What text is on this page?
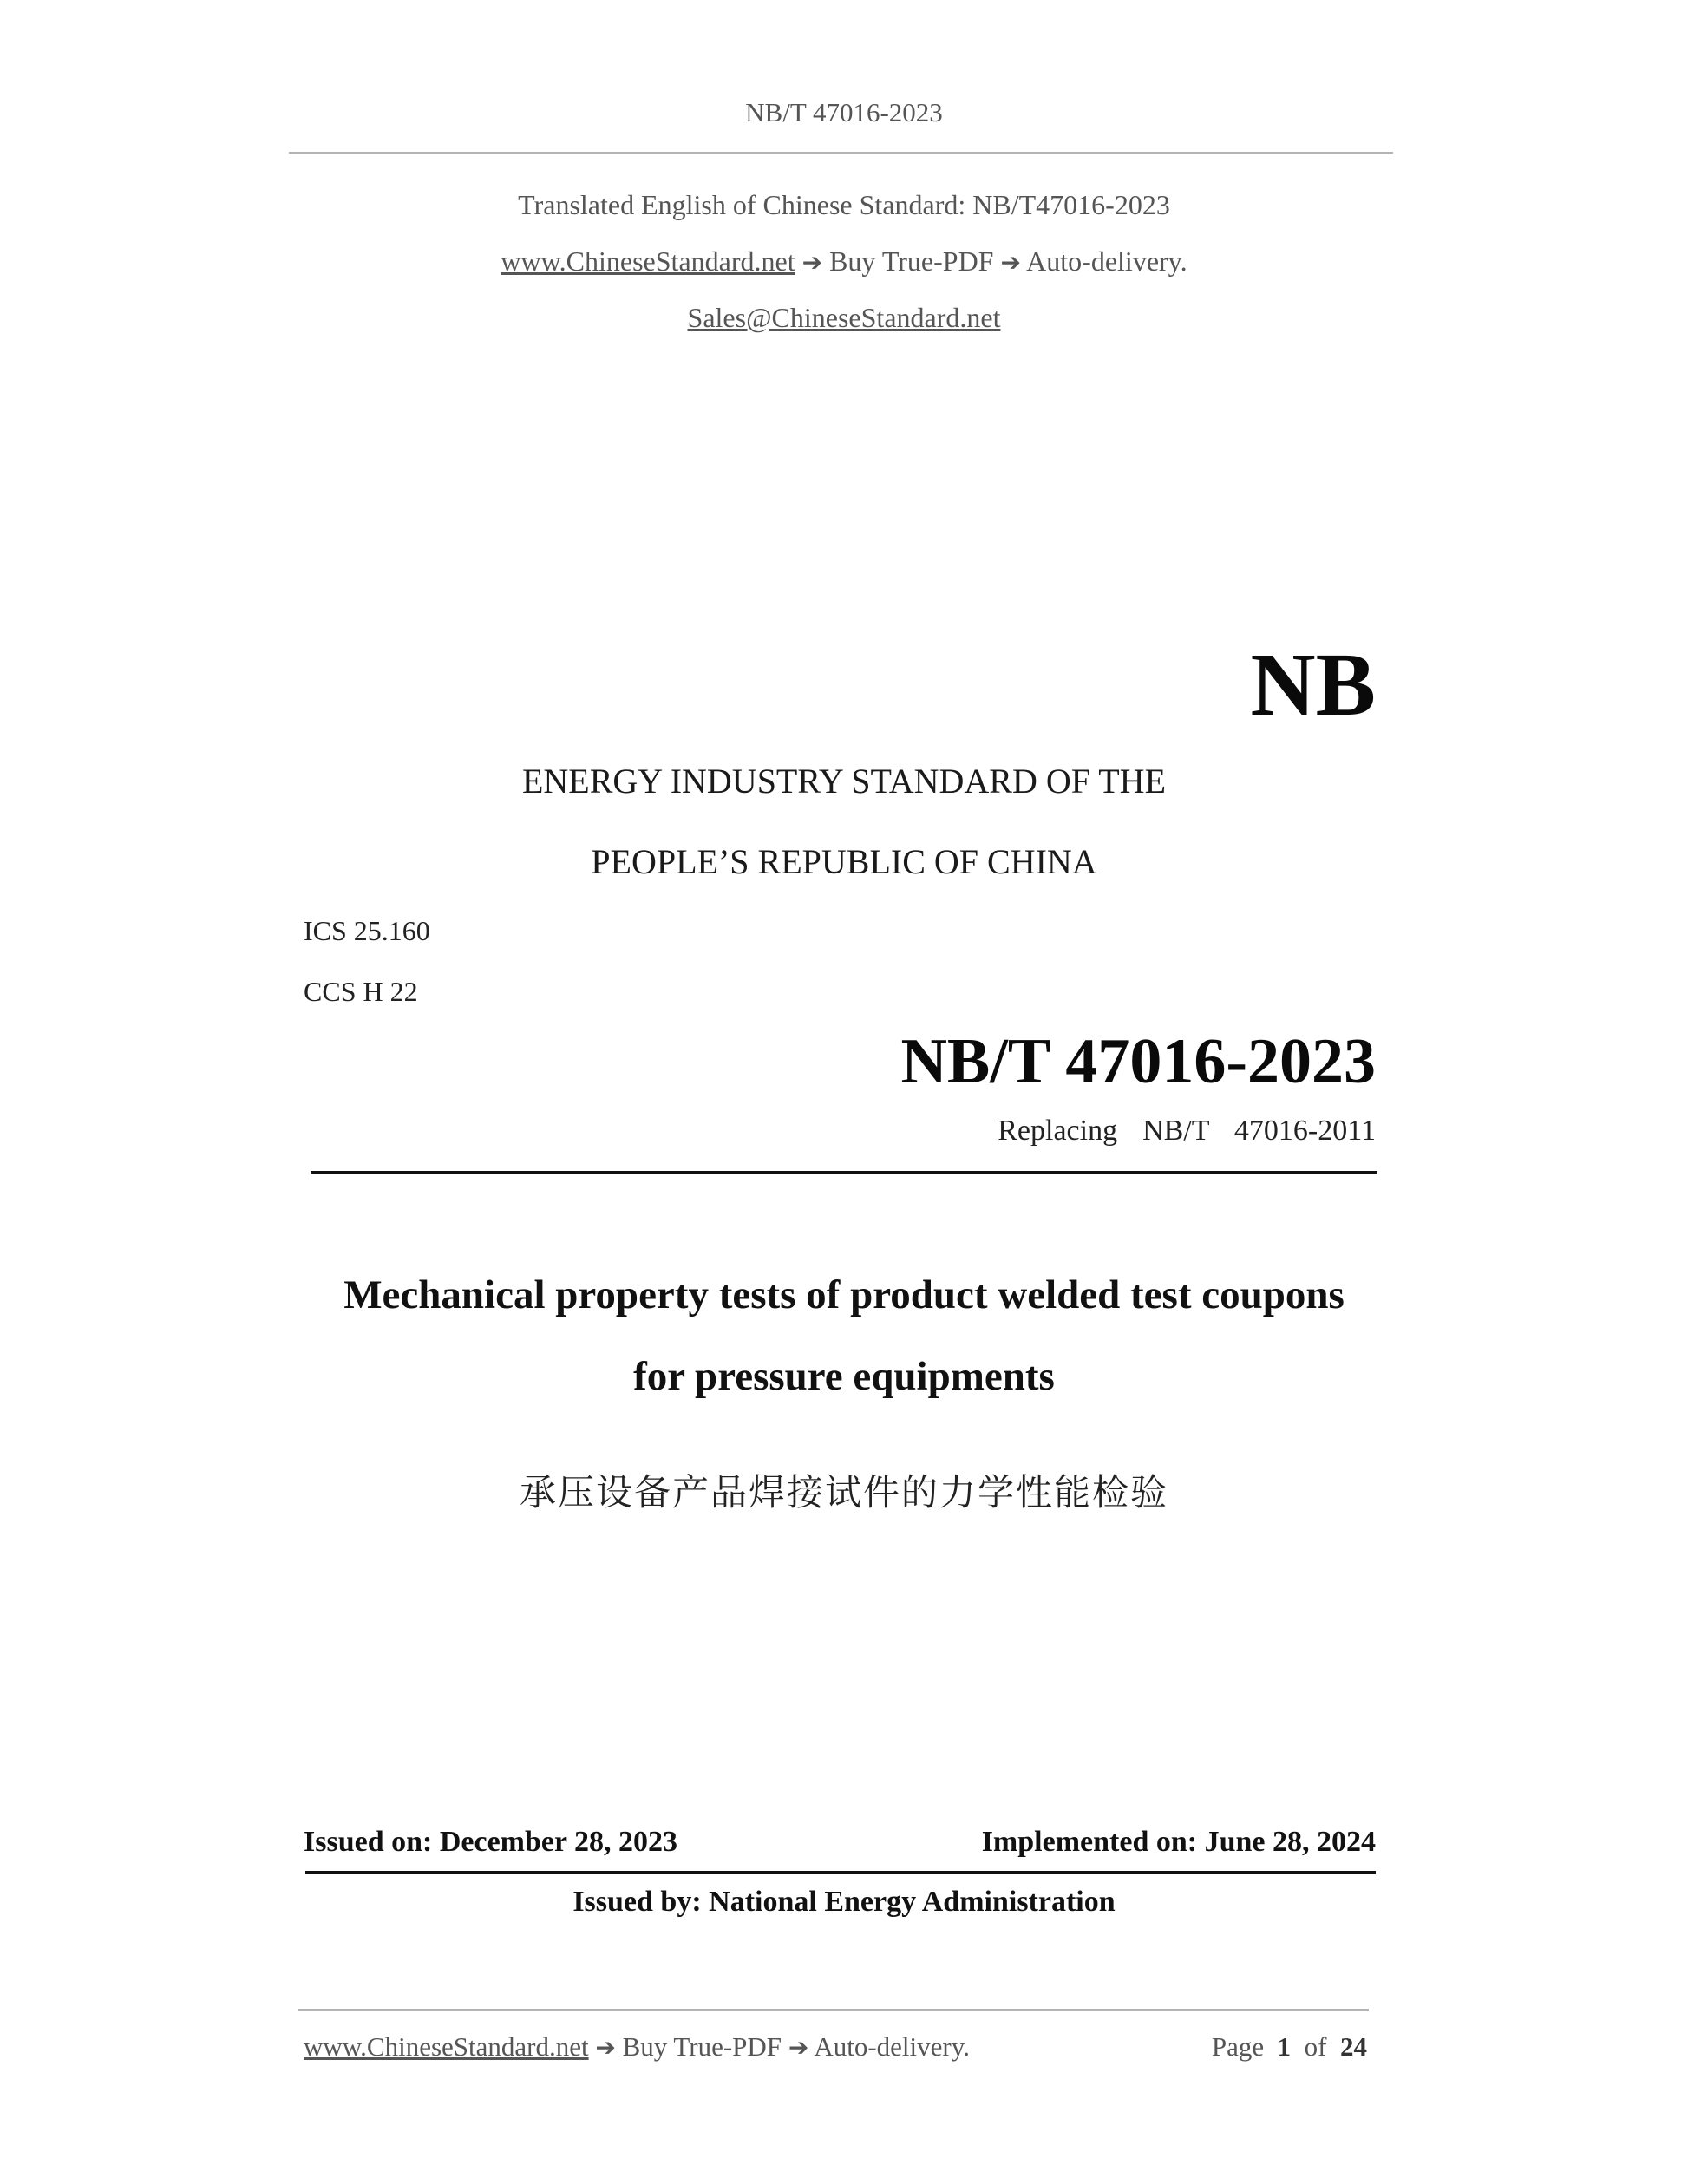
NB/T 47016-2023
Translated English of Chinese Standard: NB/T47016-2023
www.ChineseStandard.net ➔ Buy True-PDF ➔ Auto-delivery.
Sales@ChineseStandard.net
NB
ENERGY INDUSTRY STANDARD OF THE
PEOPLE’S REPUBLIC OF CHINA
ICS 25.160
CCS H 22
NB/T 47016-2023
Replacing  NB/T  47016-2011
Mechanical property tests of product welded test coupons
for pressure equipments
承压设备产品焊接试件的力学性能检验
Issued on: December 28, 2023	Implemented on: June 28, 2024
Issued by: National Energy Administration
www.ChineseStandard.net ➔ Buy True-PDF ➔ Auto-delivery.	Page 1 of 24
